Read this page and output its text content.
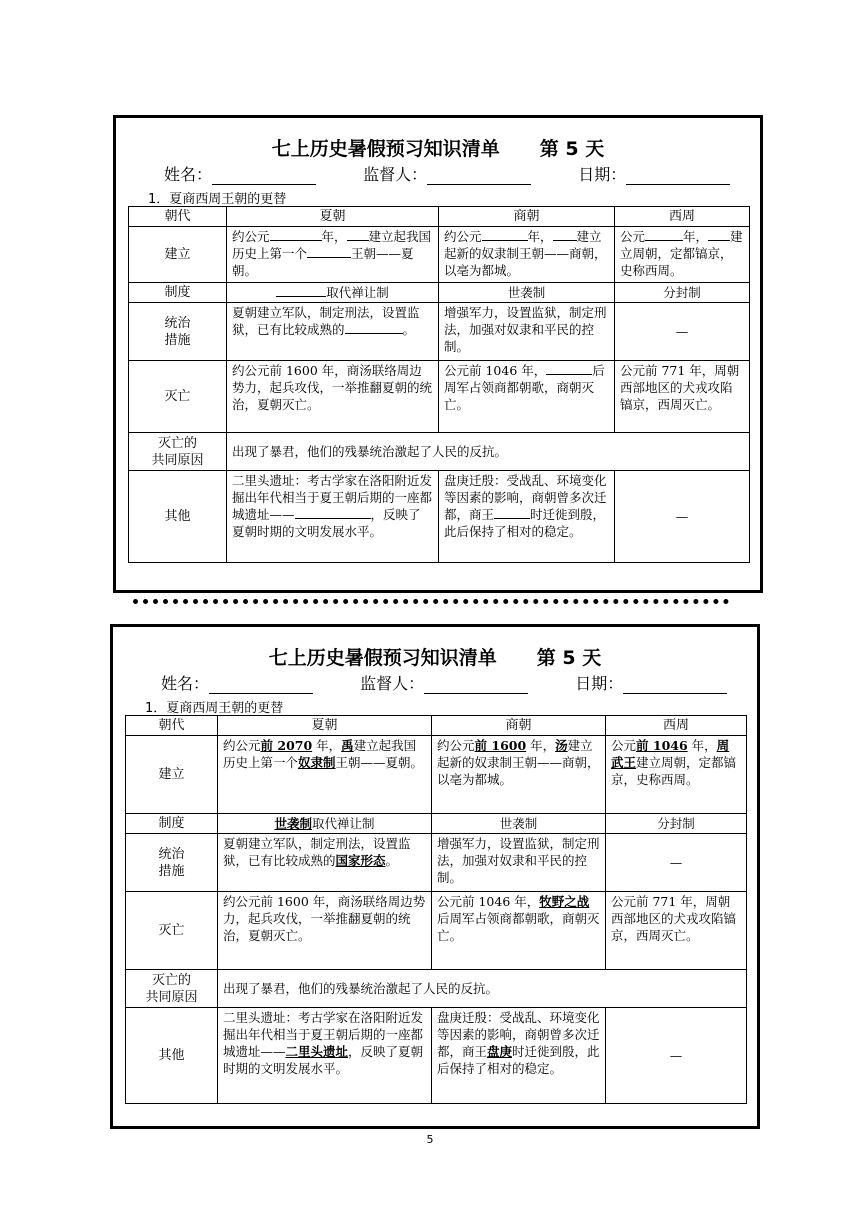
七上历史暑假预习知识清单 第 5 天
姓名：	监督人：	日期：
1．夏商西周王朝的更替
朝代	夏朝	商朝	西周
建立	约公元 年， 建立起我国历史上第一个 王朝——夏朝。	约公元 年， 建立起新的奴隶制王朝——商朝，以亳为都城。	公元 年， 建立周朝，定都镐京，史称西周。
制度	取代禅让制	世袭制	分封制
统治
措施	夏朝建立军队，制定刑法，设置监狱，已有比较成熟的 。	增强军力，设置监狱，制定刑法，加强对奴隶和平民的控制。	—
灭亡	约公元前 1600 年，商汤联络周边势力，起兵攻伐，一举推翻夏朝的统治，夏朝灭亡。	公元前 1046 年， 后周军占领商都朝歌，商朝灭亡。	公元前 771 年，周朝西部地区的犬戎攻陷镐京，西周灭亡。
灭亡的
共同原因	出现了暴君，他们的残暴统治激起了人民的反抗。		
其他	二里头遗址：考古学家在洛阳附近发掘出年代相当于夏王朝后期的一座都城遗址—— ，反映了夏朝时期的文明发展水平。	盘庚迁殷：受战乱、环境变化等因素的影响，商朝曾多次迁都，商王 时迁徙到殷，此后保持了相对的稳定。	—
七上历史暑假预习知识清单 第 5 天
姓名：	监督人：	日期：
1．夏商西周王朝的更替
朝代	夏朝	商朝	西周
建立	约公元前 2070 年，禹建立起我国历史上第一个奴隶制王朝——夏朝。	约公元前 1600 年，汤建立起新的奴隶制王朝——商朝，以亳为都城。	公元前 1046 年，周武王建立周朝，定都镐京，史称西周。
制度	世袭制取代禅让制	世袭制	分封制
统治
措施	夏朝建立军队，制定刑法，设置监狱，已有比较成熟的国家形态。	增强军力，设置监狱，制定刑法，加强对奴隶和平民的控制。	—
灭亡	约公元前 1600 年，商汤联络周边势力，起兵攻伐，一举推翻夏朝的统治，夏朝灭亡。	公元前 1046 年，牧野之战后周军占领商都朝歌，商朝灭亡。	公元前 771 年，周朝西部地区的犬戎攻陷镐京，西周灭亡。
灭亡的
共同原因	出现了暴君，他们的残暴统治激起了人民的反抗。		
其他	二里头遗址：考古学家在洛阳附近发掘出年代相当于夏王朝后期的一座都城遗址——二里头遗址，反映了夏朝时期的文明发展水平。	盘庚迁殷：受战乱、环境变化等因素的影响，商朝曾多次迁都，商王盘庚时迁徙到殷，此后保持了相对的稳定。	—
5
